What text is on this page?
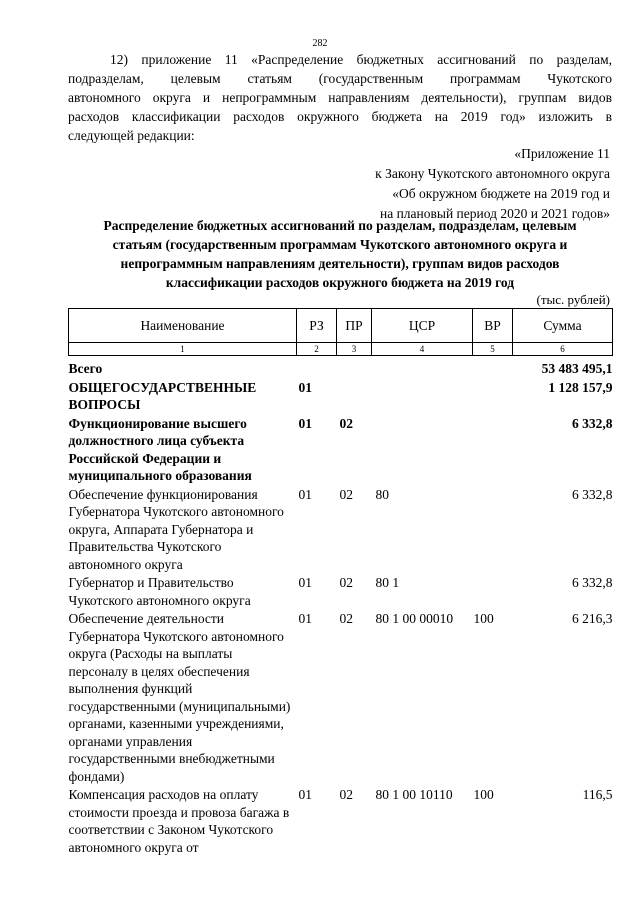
282
12) приложение 11 «Распределение бюджетных ассигнований по разделам,
подразделам, целевым статьям (государственным программам Чукотского
автономного округа и непрограммным направлениям деятельности), группам видов
расходов классификации расходов окружного бюджета на 2019 год» изложить в
следующей редакции:
«Приложение 11
к Закону Чукотского автономного округа
«Об окружном бюджете на 2019 год и
на плановый период 2020 и 2021 годов»
Распределение бюджетных ассигнований по разделам, подразделам, целевым
статьям (государственным программам Чукотского автономного округа и
непрограммным направлениям деятельности), группам видов расходов
классификации расходов окружного бюджета на 2019 год
(тыс. рублей)
Наименование	РЗ	ПР	ЦСР	ВР	Сумма
1	2	3	4	5	6

Всего					53 483 495,1
ОБЩЕГОСУДАРСТВЕННЫЕ ВОПРОСЫ	01				1 128 157,9
Функционирование высшего должностного лица субъекта Российской Федерации и муниципального образования	01	02			6 332,8
Обеспечение функционирования Губернатора Чукотского автономного округа, Аппарата Губернатора и Правительства Чукотского автономного округа	01	02	80		6 332,8
Губернатор и Правительство Чукотского автономного округа	01	02	80 1		6 332,8
Обеспечение деятельности Губернатора Чукотского автономного округа (Расходы на выплаты персоналу в целях обеспечения выполнения функций государственными (муниципальными) органами, казенными учреждениями, органами управления государственными внебюджетными фондами)	01	02	80 1 00 00010	100	6 216,3
Компенсация расходов на оплату стоимости проезда и провоза багажа в соответствии с Законом Чукотского автономного округа от	01	02	80 1 00 10110	100	116,5
